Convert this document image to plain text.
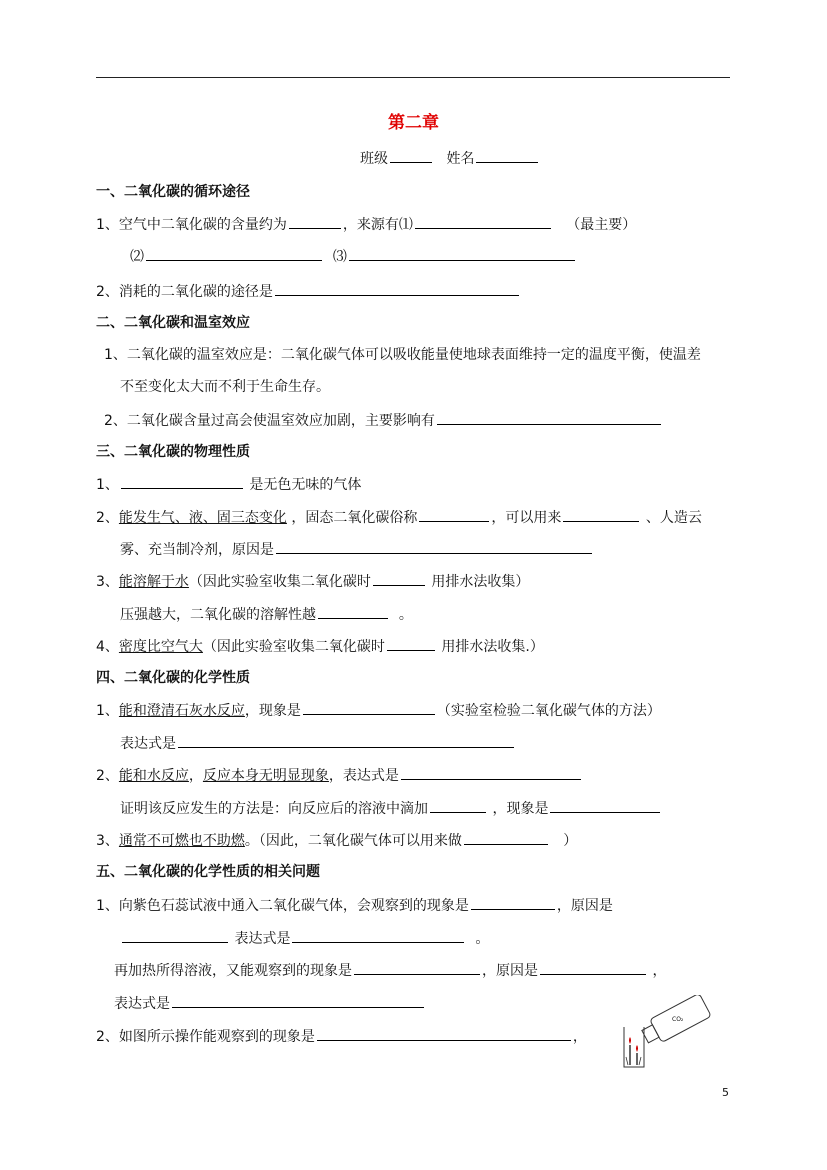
第二章
班级	姓名
一、二氧化碳的循环途径
1、空气中二氧化碳的含量约为	，来源有⑴	（最主要）
⑵	⑶
2、消耗的二氧化碳的途径是
二、二氧化碳和温室效应
1、二氧化碳的温室效应是：二氧化碳气体可以吸收能量使地球表面维持一定的温度平衡，使温差
不至变化太大而不利于生命生存。
2、二氧化碳含量过高会使温室效应加剧，主要影响有
三、二氧化碳的物理性质
1、	是无色无味的气体
2、能发生气、液、固三态变化 ，固态二氧化碳俗称	，可以用来	、人造云
雾、充当制冷剂，原因是
3、能溶解于水（因此实验室收集二氧化碳时	用排水法收集）
压强越大，二氧化碳的溶解性越	。
4、密度比空气大（因此实验室收集二氧化碳时	用排水法收集.）
四、二氧化碳的化学性质
1、能和澄清石灰水反应，现象是	（实验室检验二氧化碳气体的方法）
表达式是
2、能和水反应，反应本身无明显现象，表达式是
证明该反应发生的方法是：向反应后的溶液中滴加	，现象是
3、通常不可燃也不助燃。（因此，二氧化碳气体可以用来做	）
五、二氧化碳的化学性质的相关问题
1、向紫色石蕊试液中通入二氧化碳气体，会观察到的现象是	，原因是
表达式是	。
再加热所得溶液，又能观察到的现象是	，原因是	，
表达式是
2、如图所示操作能观察到的现象是	，
CO₂
5
